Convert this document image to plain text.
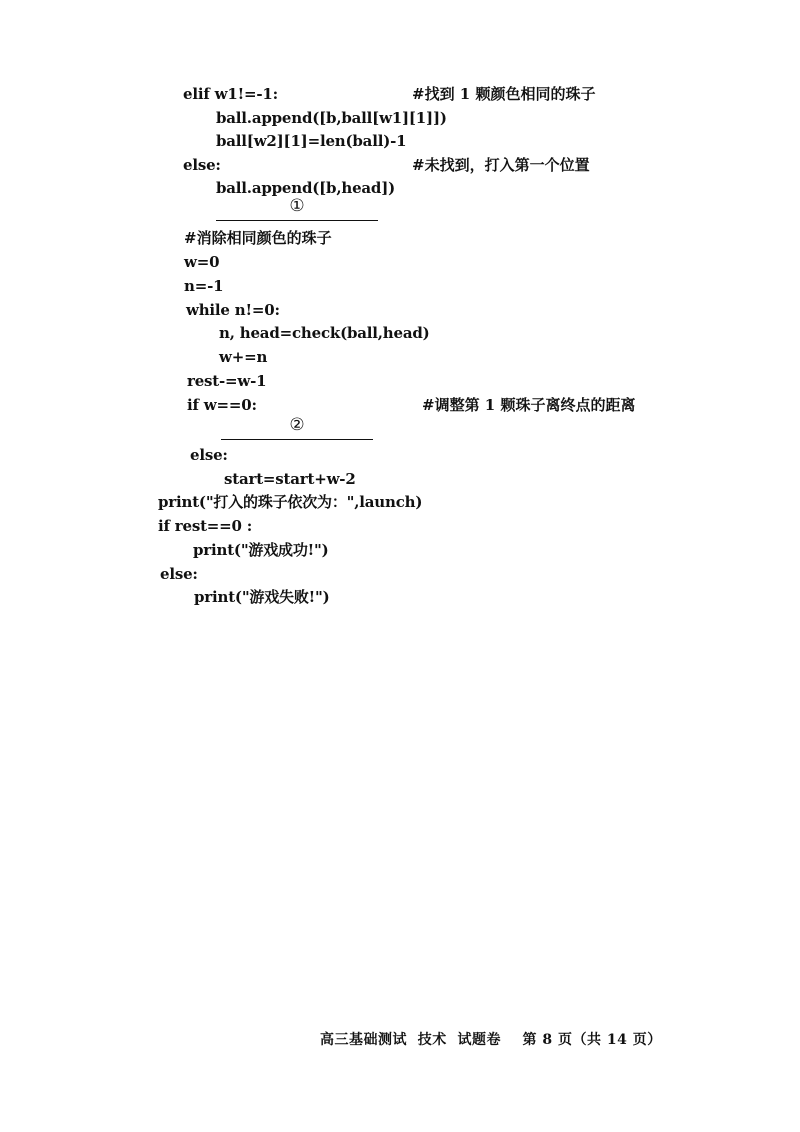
elif w1!=-1:	#找到 1 颗颜色相同的珠子
ball.append([b,ball[w1][1]])
ball[w2][1]=len(ball)-1
else:	#未找到，打入第一个位置
ball.append([b,head])
①
#消除相同颜色的珠子
w=0
n=-1
while n!=0:
n, head=check(ball,head)
w+=n
rest-=w-1
if w==0:	#调整第 1 颗珠子离终点的距离
②
else:
start=start+w-2
print("打入的珠子依次为：",launch)
if rest==0 :
print("游戏成功!")
else:
print("游戏失败!")
高三基础测试  技术  试题卷    第 8 页（共 14 页）
